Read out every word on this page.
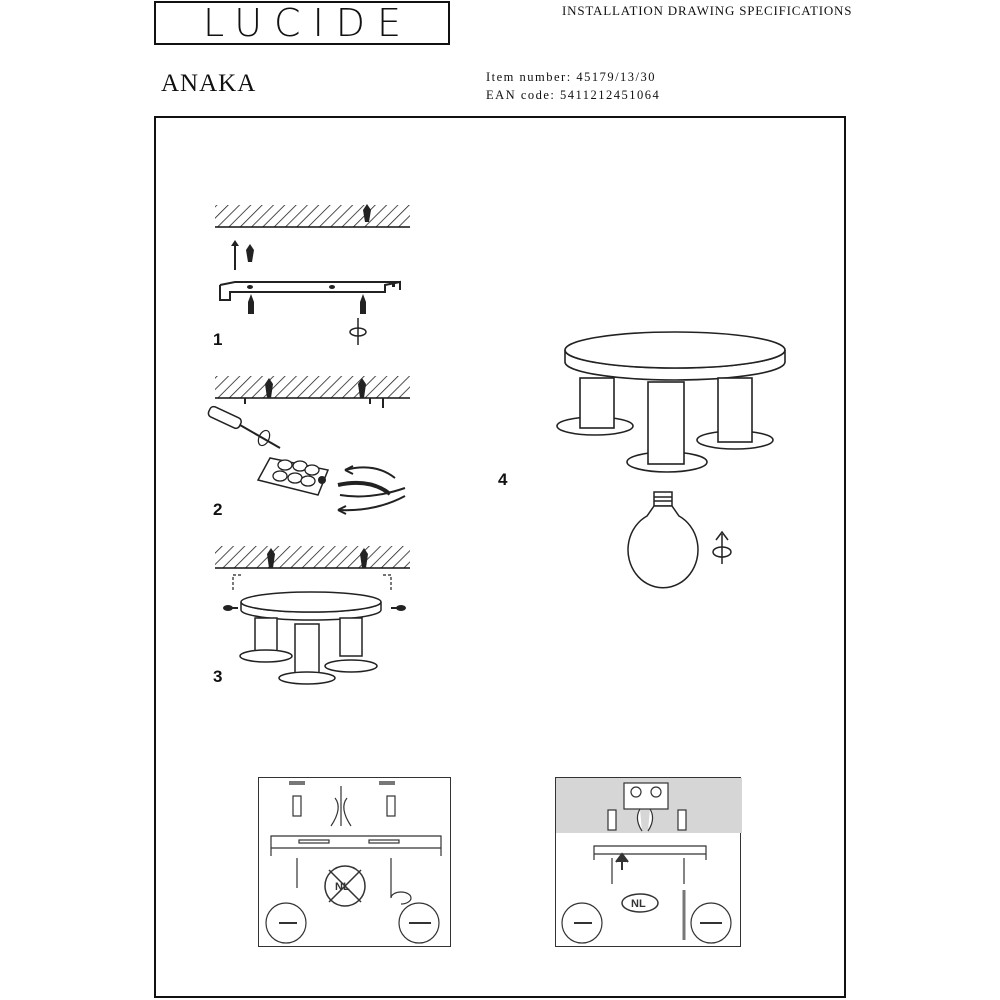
LUCIDE	INSTALLATION DRAWING SPECIFICATIONS
ANAKA	Item number: 45179/13/30
EAN code: 5411212451064
1
2
3
4
NL
NL
